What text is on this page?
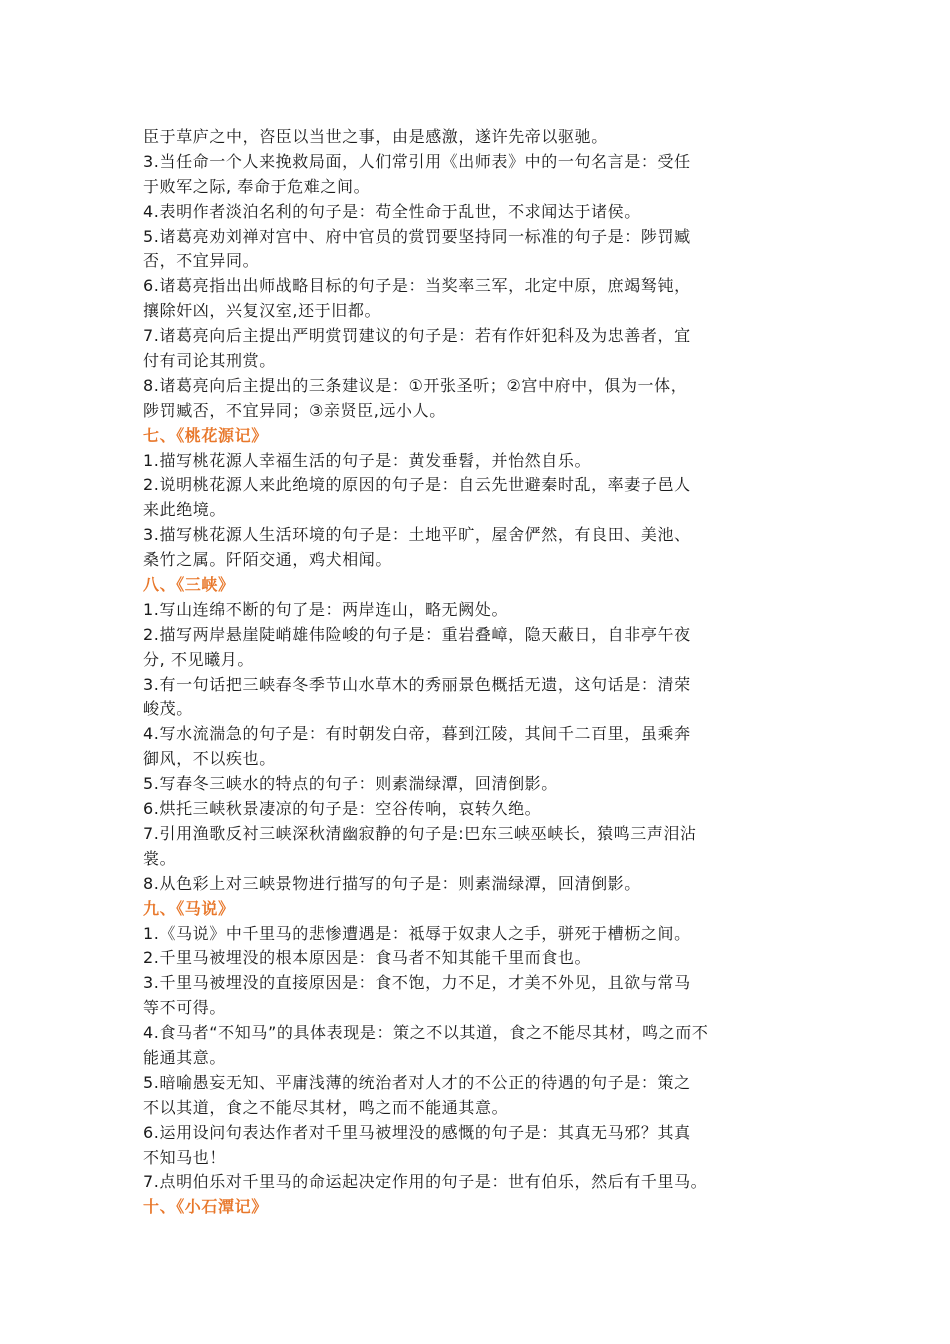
臣于草庐之中，咨臣以当世之事，由是感激，遂许先帝以驱驰。
3.当任命一个人来挽救局面，人们常引用《出师表》中的一句名言是：受任
于败军之际, 奉命于危难之间。
4.表明作者淡泊名利的句子是：苟全性命于乱世，不求闻达于诸侯。
5.诸葛亮劝刘禅对宫中、府中官员的赏罚要坚持同一标准的句子是：陟罚臧
否，不宜异同。
6.诸葛亮指出出师战略目标的句子是：当奖率三军，北定中原，庶竭驽钝，
攘除奸凶，兴复汉室,还于旧都。
7.诸葛亮向后主提出严明赏罚建议的句子是：若有作奸犯科及为忠善者，宜
付有司论其刑赏。
8.诸葛亮向后主提出的三条建议是：①开张圣听；②宫中府中，俱为一体，
陟罚臧否，不宜异同；③亲贤臣,远小人。
七、《桃花源记》
1.描写桃花源人幸福生活的句子是：黄发垂髫，并怡然自乐。
2.说明桃花源人来此绝境的原因的句子是：自云先世避秦时乱，率妻子邑人
来此绝境。
3.描写桃花源人生活环境的句子是：土地平旷，屋舍俨然，有良田、美池、
桑竹之属。阡陌交通，鸡犬相闻。
八、《三峡》
1.写山连绵不断的句了是：两岸连山，略无阙处。
2.描写两岸悬崖陡峭雄伟险峻的句子是：重岩叠嶂，隐天蔽日，自非亭午夜
分, 不见曦月。
3.有一句话把三峡春冬季节山水草木的秀丽景色概括无遗，这句话是：清荣
峻茂。
4.写水流湍急的句子是：有时朝发白帝，暮到江陵，其间千二百里，虽乘奔
御风，不以疾也。
5.写春冬三峡水的特点的句子：则素湍绿潭，回清倒影。
6.烘托三峡秋景凄凉的句子是：空谷传响，哀转久绝。
7.引用渔歌反衬三峡深秋清幽寂静的句子是:巴东三峡巫峡长，猿鸣三声泪沾
裳。
8.从色彩上对三峡景物进行描写的句子是：则素湍绿潭，回清倒影。
九、《马说》
1.《马说》中千里马的悲惨遭遇是：祗辱于奴隶人之手，骈死于槽枥之间。
2.千里马被埋没的根本原因是：食马者不知其能千里而食也。
3.千里马被埋没的直接原因是：食不饱，力不足，才美不外见，且欲与常马
等不可得。
4.食马者“不知马”的具体表现是：策之不以其道，食之不能尽其材，鸣之而不
能通其意。
5.暗喻愚妄无知、平庸浅薄的统治者对人才的不公正的待遇的句子是：策之
不以其道，食之不能尽其材，鸣之而不能通其意。
6.运用设问句表达作者对千里马被埋没的感慨的句子是：其真无马邪？其真
不知马也！
7.点明伯乐对千里马的命运起决定作用的句子是：世有伯乐，然后有千里马。
十、《小石潭记》
